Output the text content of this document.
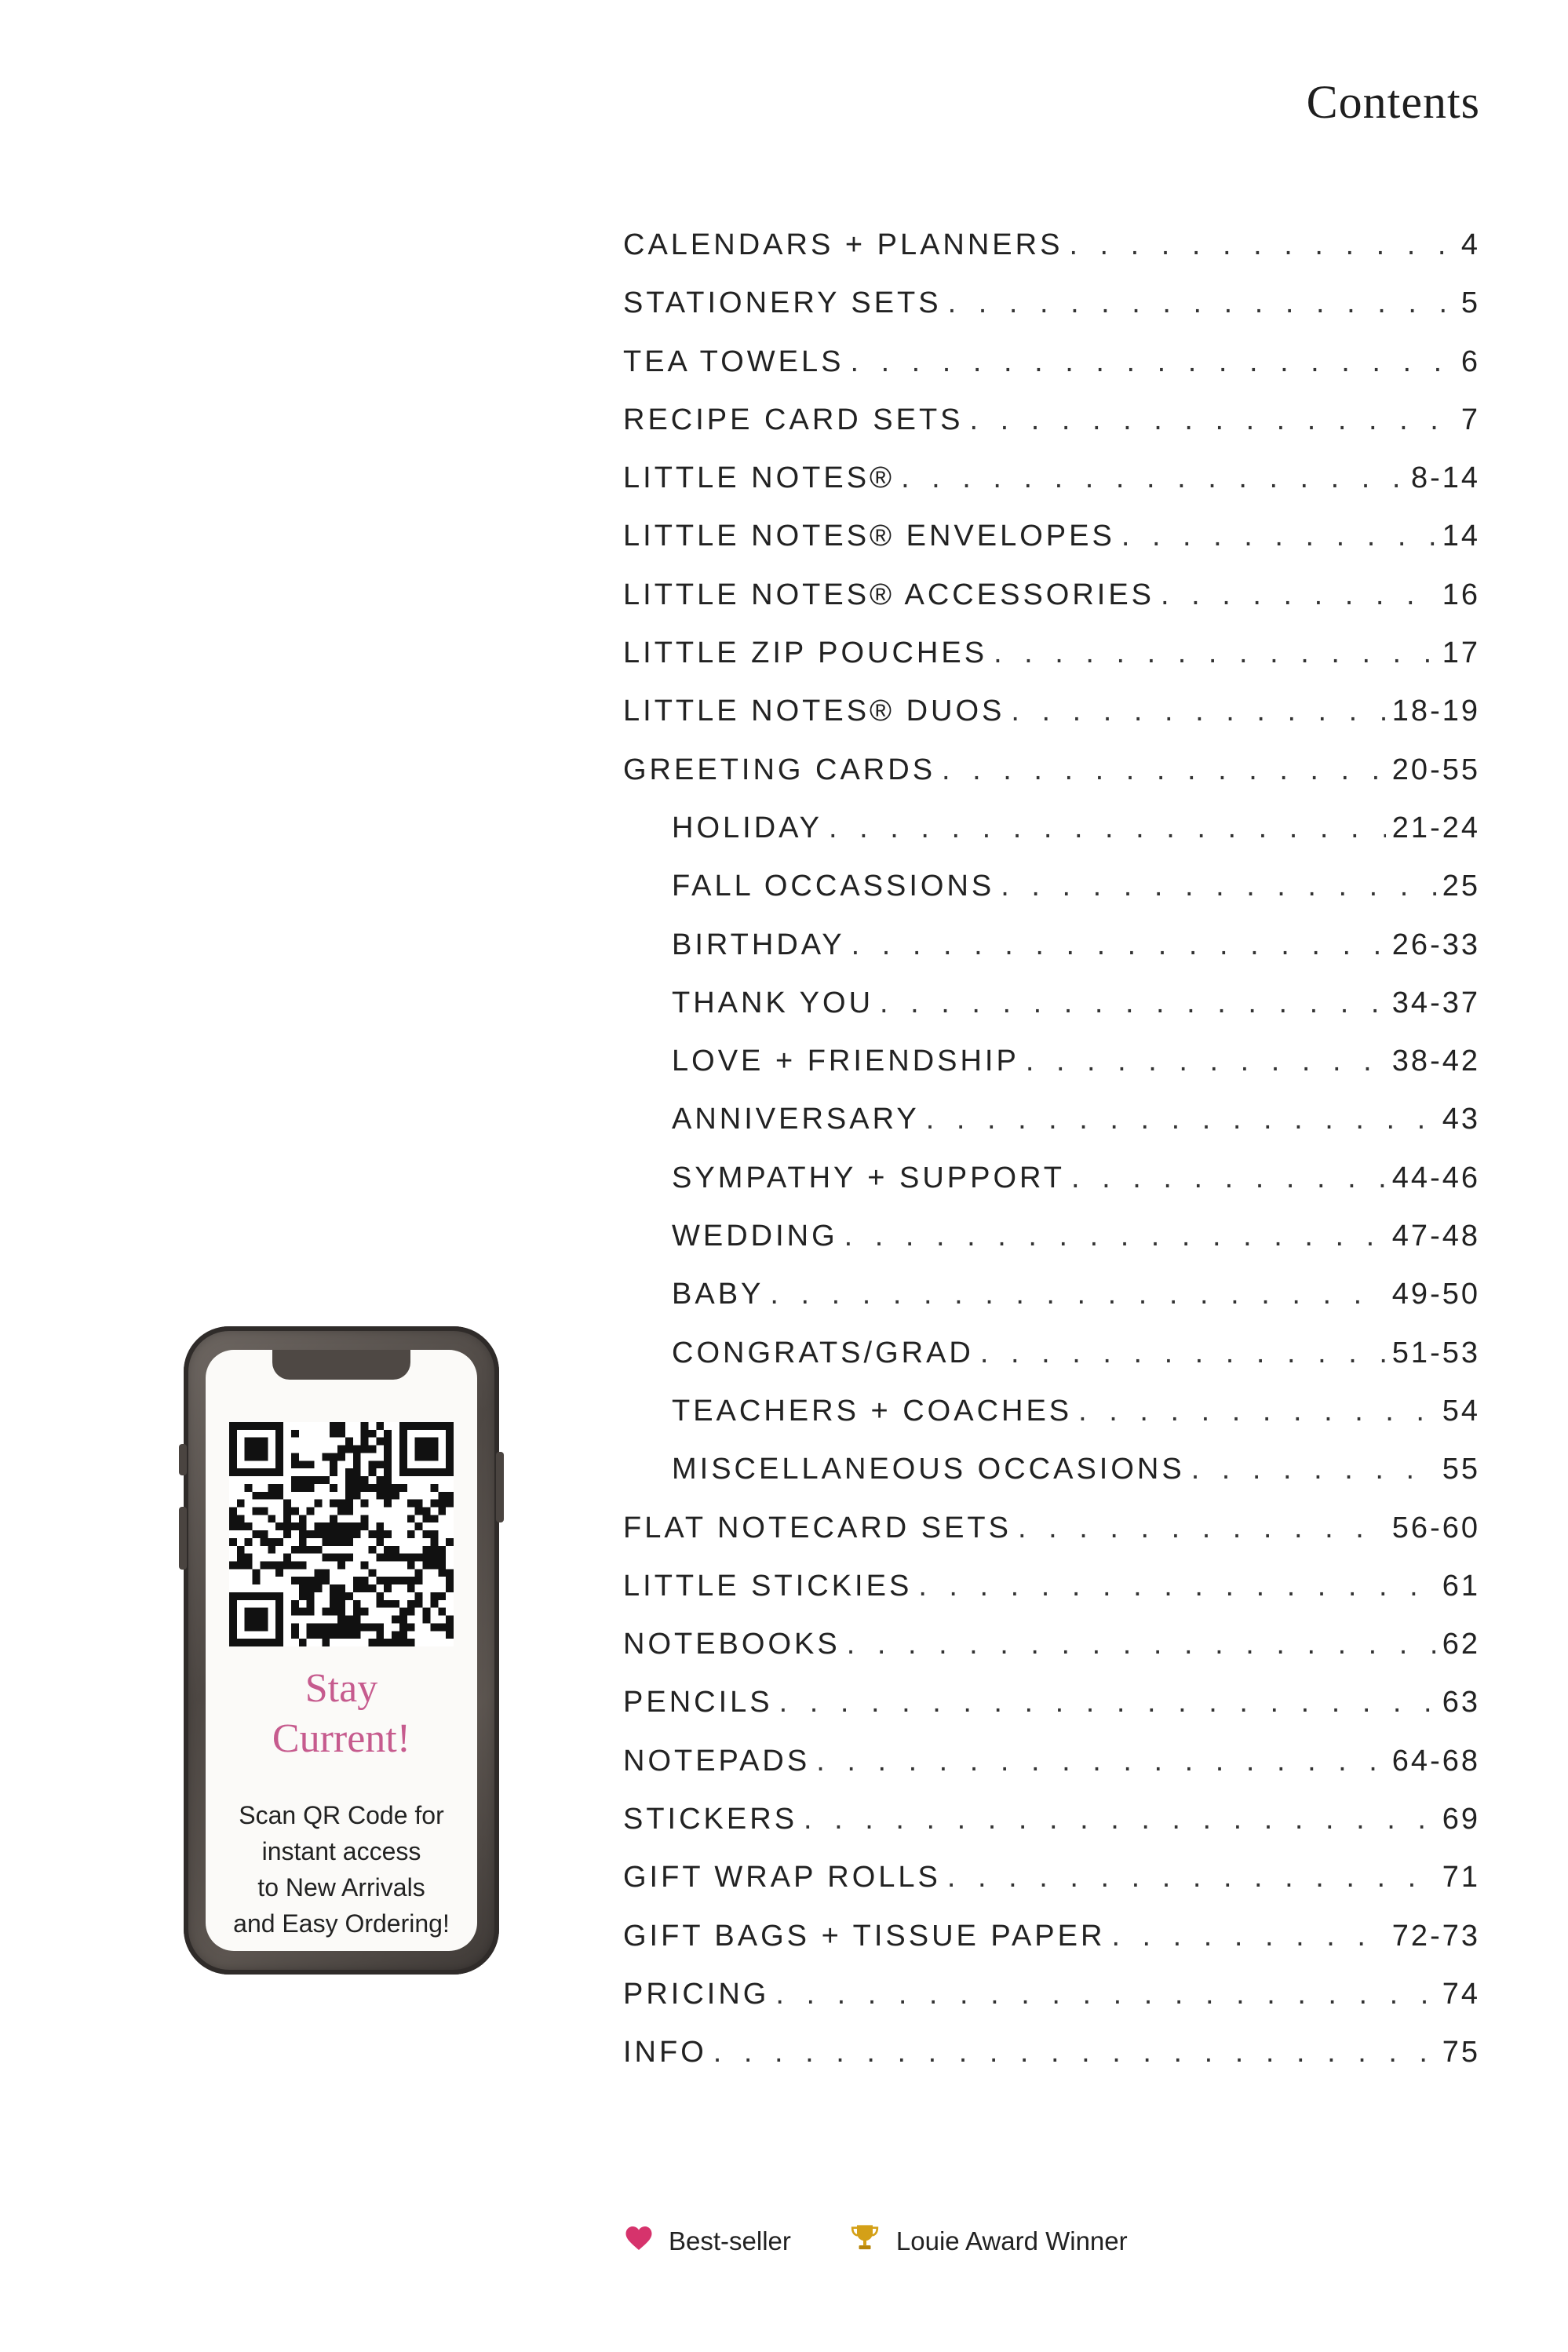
Contents
CALENDARS + PLANNERS . . .	4
STATIONERY SETS . . .	5
TEA TOWELS . . .	6
RECIPE CARD SETS . . .	7
LITTLE NOTES® . . .	8-14
LITTLE NOTES® ENVELOPES . . .	14
LITTLE NOTES® ACCESSORIES . . .	16
LITTLE ZIP POUCHES . . .	17
LITTLE NOTES® DUOS . . .	18-19
GREETING CARDS . . .	20-55
HOLIDAY . . .	21-24
FALL OCCASSIONS . . .	25
BIRTHDAY . . .	26-33
THANK YOU . . .	34-37
LOVE + FRIENDSHIP . . .	38-42
ANNIVERSARY . . .	43
SYMPATHY + SUPPORT . . .	44-46
WEDDING . . .	47-48
BABY . . .	49-50
CONGRATS/GRAD . . .	51-53
TEACHERS + COACHES . . .	54
MISCELLANEOUS OCCASIONS . . .	55
FLAT NOTECARD SETS . . .	56-60
LITTLE STICKIES . . .	61
NOTEBOOKS . . .	62
PENCILS . . .	63
NOTEPADS . . .	64-68
STICKERS . . .	69
GIFT WRAP ROLLS . . .	71
GIFT BAGS + TISSUE PAPER . . .	72-73
PRICING . . .	74
INFO . . .	75
Stay
Current!
Scan QR Code for
instant access
to New Arrivals
and Easy Ordering!
Best-seller	Louie Award Winner
